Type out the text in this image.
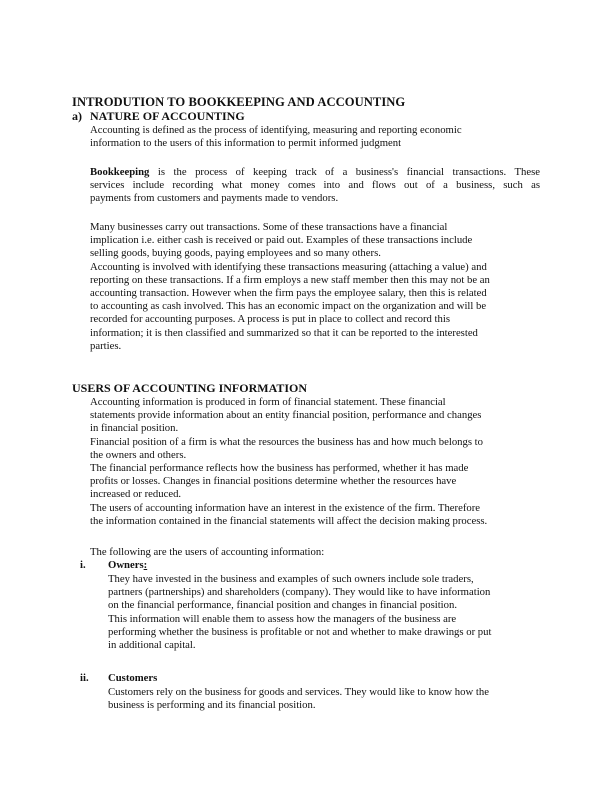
INTRODUTION TO BOOKKEEPING AND ACCOUNTING
a) NATURE OF ACCOUNTING
Accounting is defined as the process of identifying, measuring and reporting economic
information to the users of this information to permit informed judgment
Bookkeeping is the process of keeping track of a business's financial transactions. These
services include recording what money comes into and flows out of a business, such as
payments from customers and payments made to vendors.
Many businesses carry out transactions. Some of these transactions have a financial
implication i.e. either cash is received or paid out. Examples of these transactions include
selling goods, buying goods, paying employees and so many others.
Accounting is involved with identifying these transactions measuring (attaching a value) and
reporting on these transactions. If a firm employs a new staff member then this may not be an
accounting transaction. However when the firm pays the employee salary, then this is related
to accounting as cash involved. This has an economic impact on the organization and will be
recorded for accounting purposes. A process is put in place to collect and record this
information; it is then classified and summarized so that it can be reported to the interested
parties.
USERS OF ACCOUNTING INFORMATION
Accounting information is produced in form of financial statement. These financial
statements provide information about an entity financial position, performance and changes
in financial position.
Financial position of a firm is what the resources the business has and how much belongs to
the owners and others.
The financial performance reflects how the business has performed, whether it has made
profits or losses. Changes in financial positions determine whether the resources have
increased or reduced.
The users of accounting information have an interest in the existence of the firm. Therefore
the information contained in the financial statements will affect the decision making process.
The following are the users of accounting information:
i. Owners:
They have invested in the business and examples of such owners include sole traders,
partners (partnerships) and shareholders (company). They would like to have information
on the financial performance, financial position and changes in financial position.
This information will enable them to assess how the managers of the business are
performing whether the business is profitable or not and whether to make drawings or put
in additional capital.
ii. Customers
Customers rely on the business for goods and services. They would like to know how the
business is performing and its financial position.
